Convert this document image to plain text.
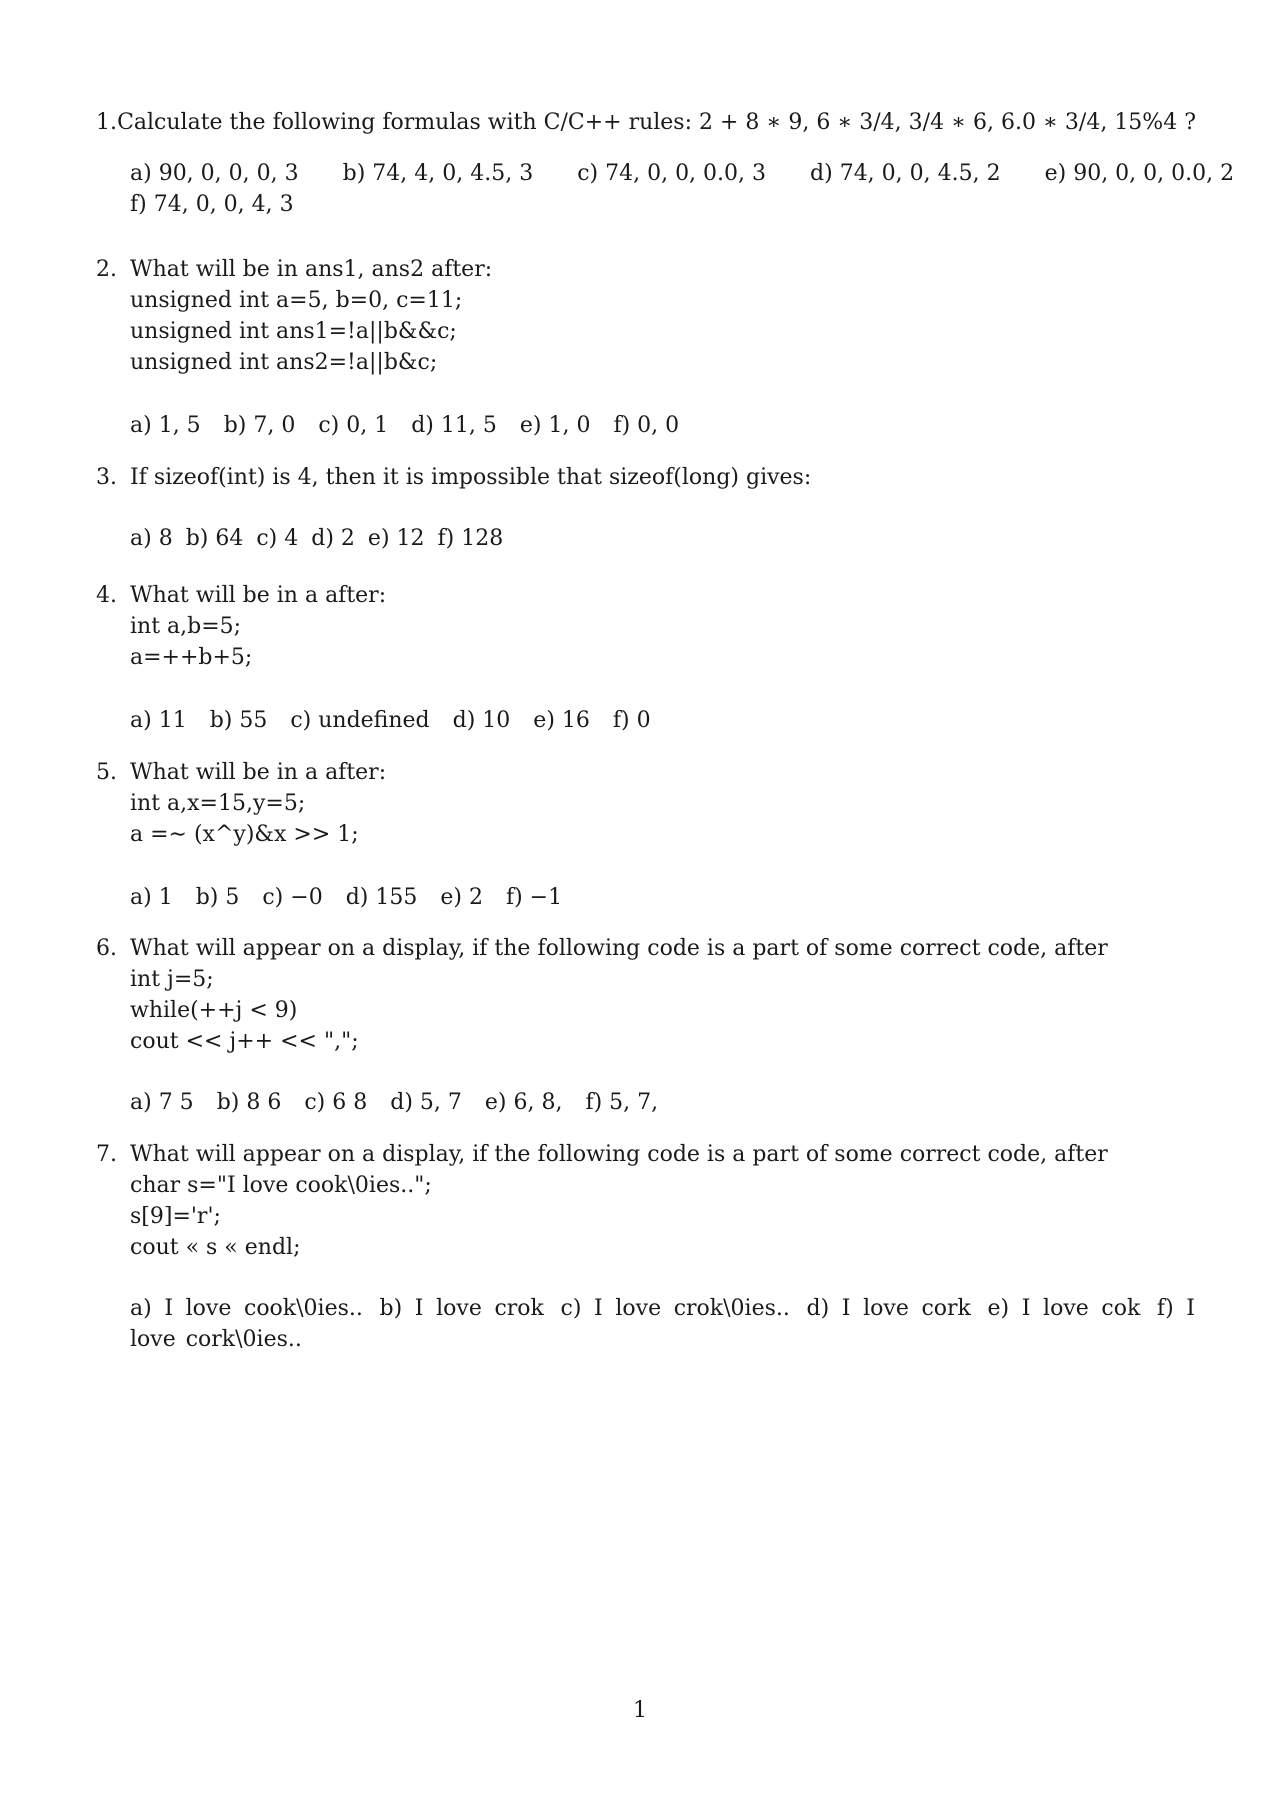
1. Calculate the following formulas with C/C++ rules: 2 + 8 ∗ 9, 6 ∗ 3/4, 3/4 ∗ 6, 6.0 ∗ 3/4, 15%4 ?
a) 90, 0, 0, 0, 3 b) 74, 4, 0, 4.5, 3 c) 74, 0, 0, 0.0, 3 d) 74, 0, 0, 4.5, 2 e) 90, 0, 0, 0.0, 2
f) 74, 0, 0, 4, 3
2. What will be in ans1, ans2 after:
unsigned int a=5, b=0, c=11;
unsigned int ans1=!a||b&&c;
unsigned int ans2=!a||b&c;
a) 1, 5 b) 7, 0 c) 0, 1 d) 11, 5 e) 1, 0 f) 0, 0
3. If sizeof(int) is 4, then it is impossible that sizeof(long) gives:
a) 8 b) 64 c) 4 d) 2 e) 12 f) 128
4. What will be in a after:
int a,b=5;
a=++b+5;
a) 11 b) 55 c) undefined d) 10 e) 16 f) 0
5. What will be in a after:
int a,x=15,y=5;
a =∼ (x^y)&x >> 1;
a) 1 b) 5 c) −0 d) 155 e) 2 f) −1
6. What will appear on a display, if the following code is a part of some correct code, after
int j=5;
while(++j < 9)
cout << j++ << ",";
a) 7 5 b) 8 6 c) 6 8 d) 5, 7 e) 6, 8, f) 5, 7,
7. What will appear on a display, if the following code is a part of some correct code, after
char s="I love cook\0ies..";
s[9]='r';
cout « s « endl;
a) I love cook\0ies.. b) I love crok c) I love crok\0ies.. d) I love cork e) I love cok f) I love cork\0ies..
1
